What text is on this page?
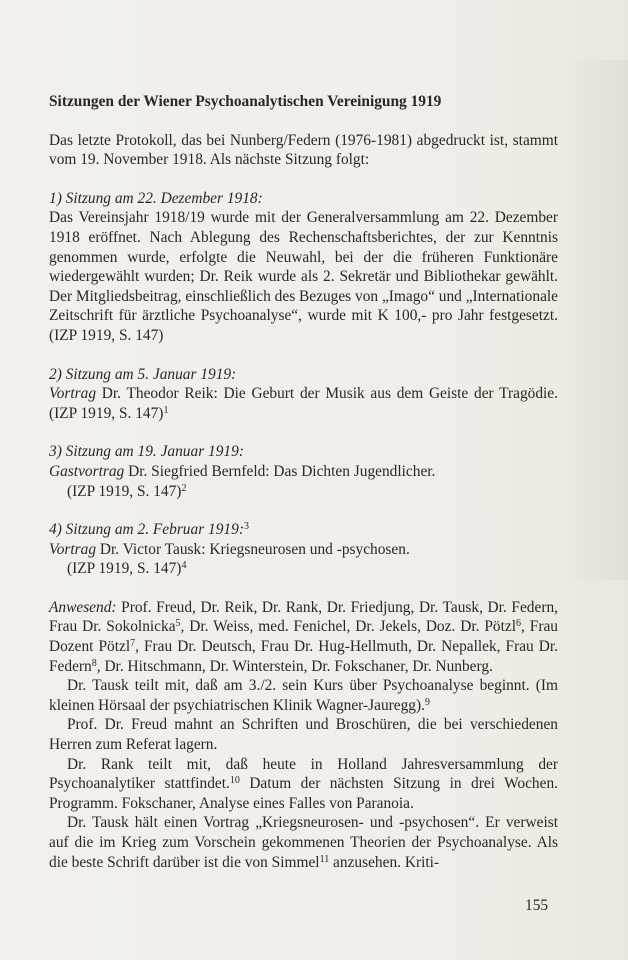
Sitzungen der Wiener Psychoanalytischen Vereinigung 1919

Das letzte Protokoll, das bei Nunberg/Federn (1976-1981) abgedruckt ist, stammt vom 19. November 1918. Als nächste Sitzung folgt:

1) Sitzung am 22. Dezember 1918:

Das Vereinsjahr 1918/19 wurde mit der Generalversammlung am 22. Dezember 1918 eröffnet. Nach Ablegung des Rechenschaftsberichtes, der zur Kenntnis genommen wurde, erfolgte die Neuwahl, bei der die früheren Funktionäre wiedergewählt wurden; Dr. Reik wurde als 2. Sekretär und Bibliothekar gewählt. Der Mitgliedsbeitrag, einschließlich des Bezuges von „Imago“ und „Internationale Zeitschrift für ärztliche Psychoanalyse“, wurde mit K 100,- pro Jahr festgesetzt. (IZP 1919, S. 147)

2) Sitzung am 5. Januar 1919:

Vortrag Dr. Theodor Reik: Die Geburt der Musik aus dem Geiste der Tragödie. (IZP 1919, S. 147)$^1$

3) Sitzung am 19. Januar 1919:

Gastvortrag Dr. Siegfried Bernfeld: Das Dichten Jugendlicher.

(IZP 1919, S. 147)$^2$

4) Sitzung am 2. Februar 1919:$^3$

Vortrag Dr. Victor Tausk: Kriegsneurosen und -psychosen.

(IZP 1919, S. 147)$^4$

Anwesend: Prof. Freud, Dr. Reik, Dr. Rank, Dr. Friedjung, Dr. Tausk, Dr. Federn, Frau Dr. Sokolnicka$^5$, Dr. Weiss, med. Fenichel, Dr. Jekels, Doz. Dr. Pötzl$^6$, Frau Dozent Pötzl$^7$, Frau Dr. Deutsch, Frau Dr. Hug-Hellmuth, Dr. Nepallek, Frau Dr. Federn$^8$, Dr. Hitschmann, Dr. Winterstein, Dr. Fokschaner, Dr. Nunberg.

Dr. Tausk teilt mit, daß am 3./2. sein Kurs über Psychoanalyse beginnt. (Im kleinen Hörsaal der psychiatrischen Klinik Wagner-Jauregg).$^9$

Prof. Dr. Freud mahnt an Schriften und Broschüren, die bei verschiedenen Herren zum Referat lagern.

Dr. Rank teilt mit, daß heute in Holland Jahresversammlung der Psychoanalytiker stattfindet.$^{10}$ Datum der nächsten Sitzung in drei Wochen. Programm. Fokschaner, Analyse eines Falles von Paranoia.

Dr. Tausk hält einen Vortrag „Kriegsneurosen- und -psychosen“. Er verweist auf die im Krieg zum Vorschein gekommenen Theorien der Psychoanalyse. Als die beste Schrift darüber ist die von Simmel$^{11}$ anzusehen. Kriti-

155
